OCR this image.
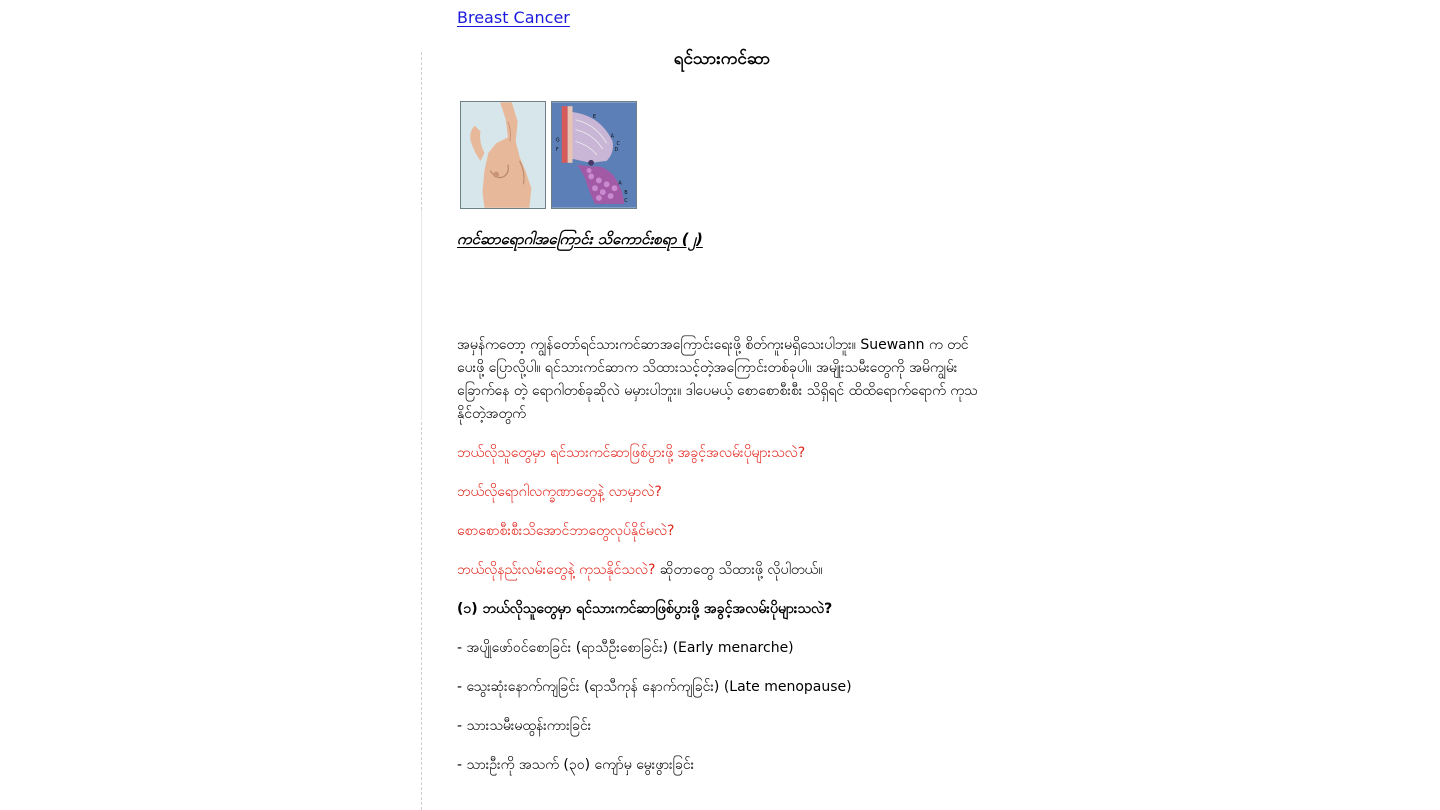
Breast Cancer
ရင်သားကင်ဆာ
E
A
C
D
G
F
A
B
C
ကင်ဆာရောဂါအကြောင်း သိကောင်းစရာ (၂)
အမှန်ကတော့ ကျွန်တော်ရင်သားကင်ဆာအကြောင်းရေးဖို့ စိတ်ကူးမရှိသေးပါဘူး။ Suewann က တင်ပေးဖို့ ပြောလို့ပါ။ ရင်သားကင်ဆာက သိထားသင့်တဲ့အကြောင်းတစ်ခုပါ။ အမျိုးသမီးတွေကို အမိကျွမ်းခြောက်နေ တဲ့ ရောဂါတစ်ခုဆိုလဲ မမှားပါဘူး။ ဒါပေမယ့် စောစောစီးစီး သိရှိရင် ထိထိရောက်ရောက် ကုသနိုင်တဲ့အတွက်
ဘယ်လိုသူတွေမှာ ရင်သားကင်ဆာဖြစ်ပွားဖို့ အခွင့်အလမ်းပိုများသလဲ?
ဘယ်လိုရောဂါလက္ခဏာတွေနဲ့ လာမှာလဲ?
စောစောစီးစီးသိအောင်ဘာတွေလုပ်နိုင်မလဲ?
ဘယ်လိုနည်းလမ်းတွေနဲ့ ကုသနိုင်သလဲ? ဆိုတာတွေ သိထားဖို့ လိုပါတယ်။
(၁) ဘယ်လိုသူတွေမှာ ရင်သားကင်ဆာဖြစ်ပွားဖို့ အခွင့်အလမ်းပိုများသလဲ?
- အပျိုဖော်ဝင်စောခြင်း (ရာသီဦးစောခြင်း) (Early menarche)
- သွေးဆုံးနောက်ကျခြင်း (ရာသီကုန် နောက်ကျခြင်း) (Late menopause)
- သားသမီးမထွန်းကားခြင်း
- သားဦးကို အသက် (၃၀) ကျော်မှ မွေးဖွားခြင်း
